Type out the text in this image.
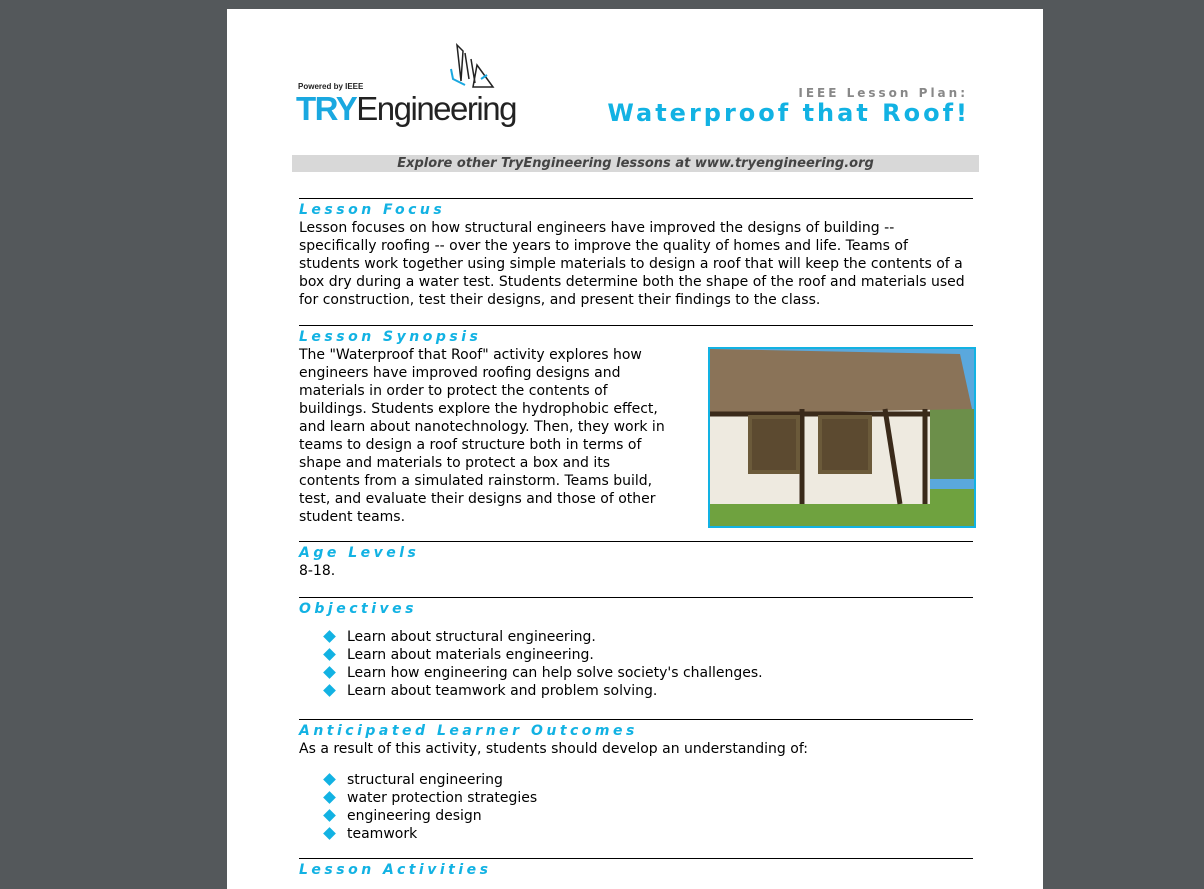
Powered by IEEE
TRYEngineering	IEEE Lesson Plan:
Waterproof that Roof!
Explore other TryEngineering lessons at www.tryengineering.org
Lesson Focus
Lesson focuses on how structural engineers have improved the designs of building -- specifically roofing -- over the years to improve the quality of homes and life. Teams of students work together using simple materials to design a roof that will keep the contents of a box dry during a water test. Students determine both the shape of the roof and materials used for construction, test their designs, and present their findings to the class.
Lesson Synopsis
The "Waterproof that Roof" activity explores how engineers have improved roofing designs and materials in order to protect the contents of buildings. Students explore the hydrophobic effect, and learn about nanotechnology. Then, they work in teams to design a roof structure both in terms of shape and materials to protect a box and its contents from a simulated rainstorm. Teams build, test, and evaluate their designs and those of other student teams.
Age Levels
8-18.
Objectives
Learn about structural engineering.
Learn about materials engineering.
Learn how engineering can help solve society's challenges.
Learn about teamwork and problem solving.
Anticipated Learner Outcomes
As a result of this activity, students should develop an understanding of:
structural engineering
water protection strategies
engineering design
teamwork
Lesson Activities
